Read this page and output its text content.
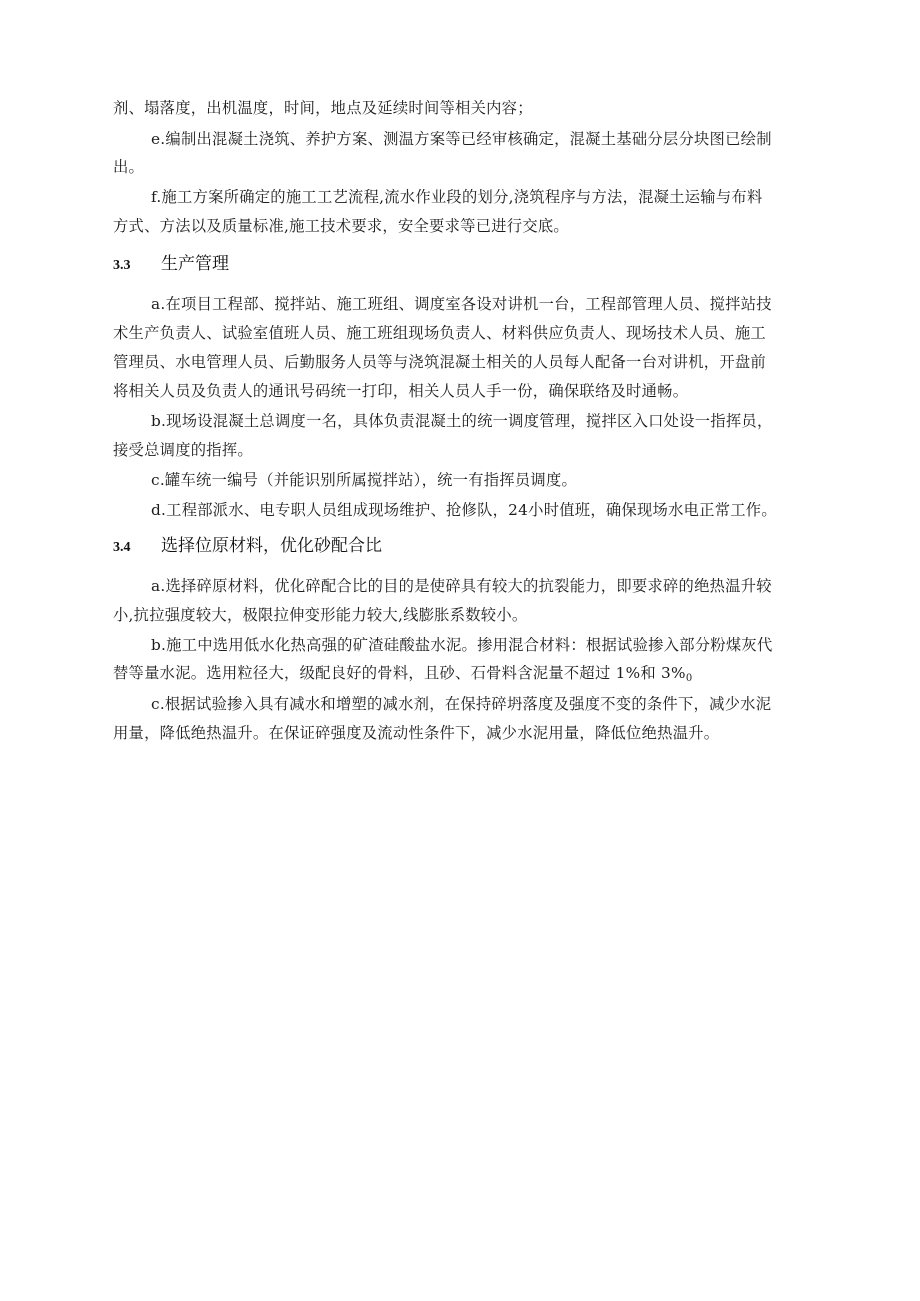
剂、塌落度，出机温度，时间，地点及延续时间等相关内容；
e.编制出混凝土浇筑、养护方案、测温方案等已经审核确定，混凝土基础分层分块图已绘制
出。
f.施工方案所确定的施工工艺流程,流水作业段的划分,浇筑程序与方法，混凝土运输与布料
方式、方法以及质量标准,施工技术要求，安全要求等已进行交底。
3.3 生产管理
a.在项目工程部、搅拌站、施工班组、调度室各设对讲机一台，工程部管理人员、搅拌站技
术生产负责人、试验室值班人员、施工班组现场负责人、材料供应负责人、现场技术人员、施工
管理员、水电管理人员、后勤服务人员等与浇筑混凝土相关的人员每人配备一台对讲机，开盘前
将相关人员及负责人的通讯号码统一打印，相关人员人手一份，确保联络及时通畅。
b.现场设混凝土总调度一名，具体负责混凝土的统一调度管理，搅拌区入口处设一指挥员，
接受总调度的指挥。
c.罐车统一编号（并能识别所属搅拌站），统一有指挥员调度。
d.工程部派水、电专职人员组成现场维护、抢修队，24小时值班，确保现场水电正常工作。
3.4 选择位原材料，优化砂配合比
a.选择碎原材料，优化碎配合比的目的是使碎具有较大的抗裂能力，即要求碎的绝热温升较
小,抗拉强度较大，极限拉伸变形能力较大,线膨胀系数较小。
b.施工中选用低水化热高强的矿渣硅酸盐水泥。掺用混合材料：根据试验掺入部分粉煤灰代
替等量水泥。选用粒径大，级配良好的骨料，且砂、石骨料含泥量不超过 1%和 3%0
c.根据试验掺入具有减水和增塑的减水剂，在保持碎坍落度及强度不变的条件下，减少水泥
用量，降低绝热温升。在保证碎强度及流动性条件下，减少水泥用量，降低位绝热温升。
